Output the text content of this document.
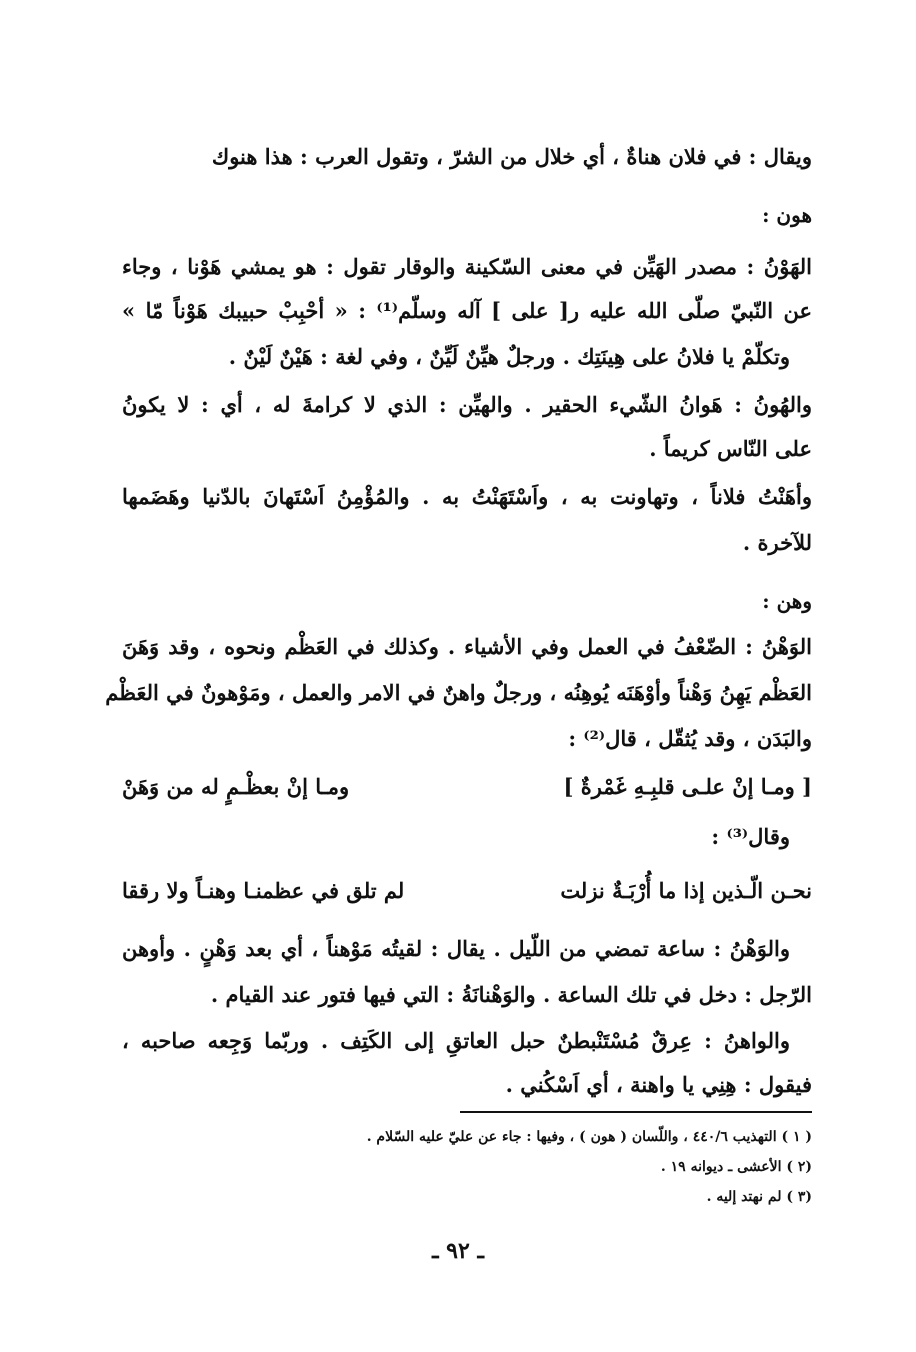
ويقال : في فلان هناةٌ ، أي خلال من الشرّ ، وتقول العرب : هذا هنوك
هون :
الهَوْنُ : مصدر الهَيِّن في معنى السّكينة والوقار تقول : هو يمشي هَوْنا ، وجاء
عن النّبيّ صلّى الله عليه ر[ على ] آله وسلّم⁽¹⁾ : « أحْبِبْ حبيبك هَوْناً مّا »
وتكلّمْ يا فلانُ على هِينَتِك . ورجلٌ هيِّنٌ لَيِّنٌ ، وفي لغة : هَيْنٌ لَيْنٌ .
والهُونُ : هَوانُ الشّيء الحقير . والهيِّن : الذي لا كرامةَ له ، أي : لا يكونُ
على النّاس كريماً .
وأهَنْتُ فلاناً ، وتهاونت به ، واَسْتَهَنْتُ به . والمُؤْمِنُ اَسْتَهانَ بالدّنيا وهَضَمها
للآخرة .
وهن :
الوَهْنُ : الضّعْفُ في العمل وفي الأشياء . وكذلك في العَظْم ونحوه ، وقد وَهَنَ
العَظْم يَهِنُ وَهْناً وأوْهَنَه يُوهِنُه ، ورجلٌ واهنٌ في الامر والعمل ، ومَوْهونٌ في العَظْم
والبَدَن ، وقد يُثقّل ، قال⁽²⁾ :
[ ومـا إنْ علـى قلبِـهِ غَمْرةٌ ]
ومـا إنْ بعظْـمٍ له من وَهَنْ
وقال⁽³⁾ :
نحـن الّـذين إذا ما أُرْبَـةٌ نزلت
لم تلق في عظمنـا وهنـاً ولا رققا
والوَهْنُ : ساعة تمضي من اللّيل . يقال : لقيتُه مَوْهناً ، أي بعد وَهْنٍ . وأوهن
الرّجل : دخل في تلك الساعة . والوَهْنانَةُ : التي فيها فتور عند القيام .
والواهنُ : عِرقٌ مُسْتَنْبطنٌ حبل العاتقِ إلى الكَتِف . وربّما وَجِعه صاحبه ،
فيقول : هِنِي يا واهنة ، أي اَسْكُني .
( ١ ) التهذيب ٤٤٠/٦ ، واللّسان ( هون ) ، وفيها : جاء عن عليّ عليه السّلام .
(٢ ) الأعشى ـ ديوانه ١٩ .
(٣ ) لم نهتد إليه .
ـ ٩٢ ـ
